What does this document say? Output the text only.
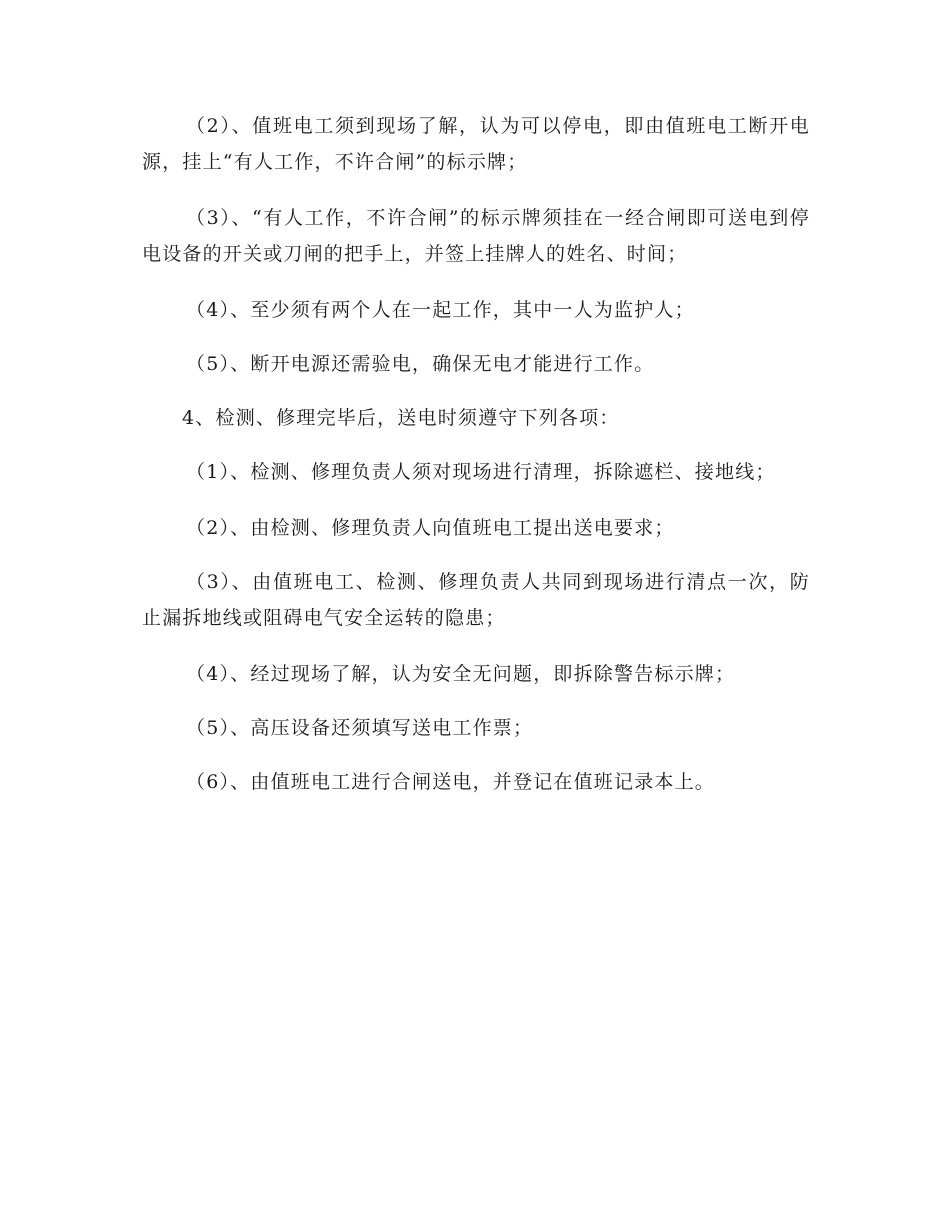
（2）、值班电工须到现场了解，认为可以停电，即由值班电工断开电源，挂上“有人工作，不许合闸”的标示牌；

（3）、“有人工作，不许合闸”的标示牌须挂在一经合闸即可送电到停电设备的开关或刀闸的把手上，并签上挂牌人的姓名、时间；

（4）、至少须有两个人在一起工作，其中一人为监护人；

（5）、断开电源还需验电，确保无电才能进行工作。

4、检测、修理完毕后，送电时须遵守下列各项：

（1）、检测、修理负责人须对现场进行清理，拆除遮栏、接地线；

（2）、由检测、修理负责人向值班电工提出送电要求；

（3）、由值班电工、检测、修理负责人共同到现场进行清点一次，防止漏拆地线或阻碍电气安全运转的隐患；

（4）、经过现场了解，认为安全无问题，即拆除警告标示牌；

（5）、高压设备还须填写送电工作票；

（6）、由值班电工进行合闸送电，并登记在值班记录本上。
